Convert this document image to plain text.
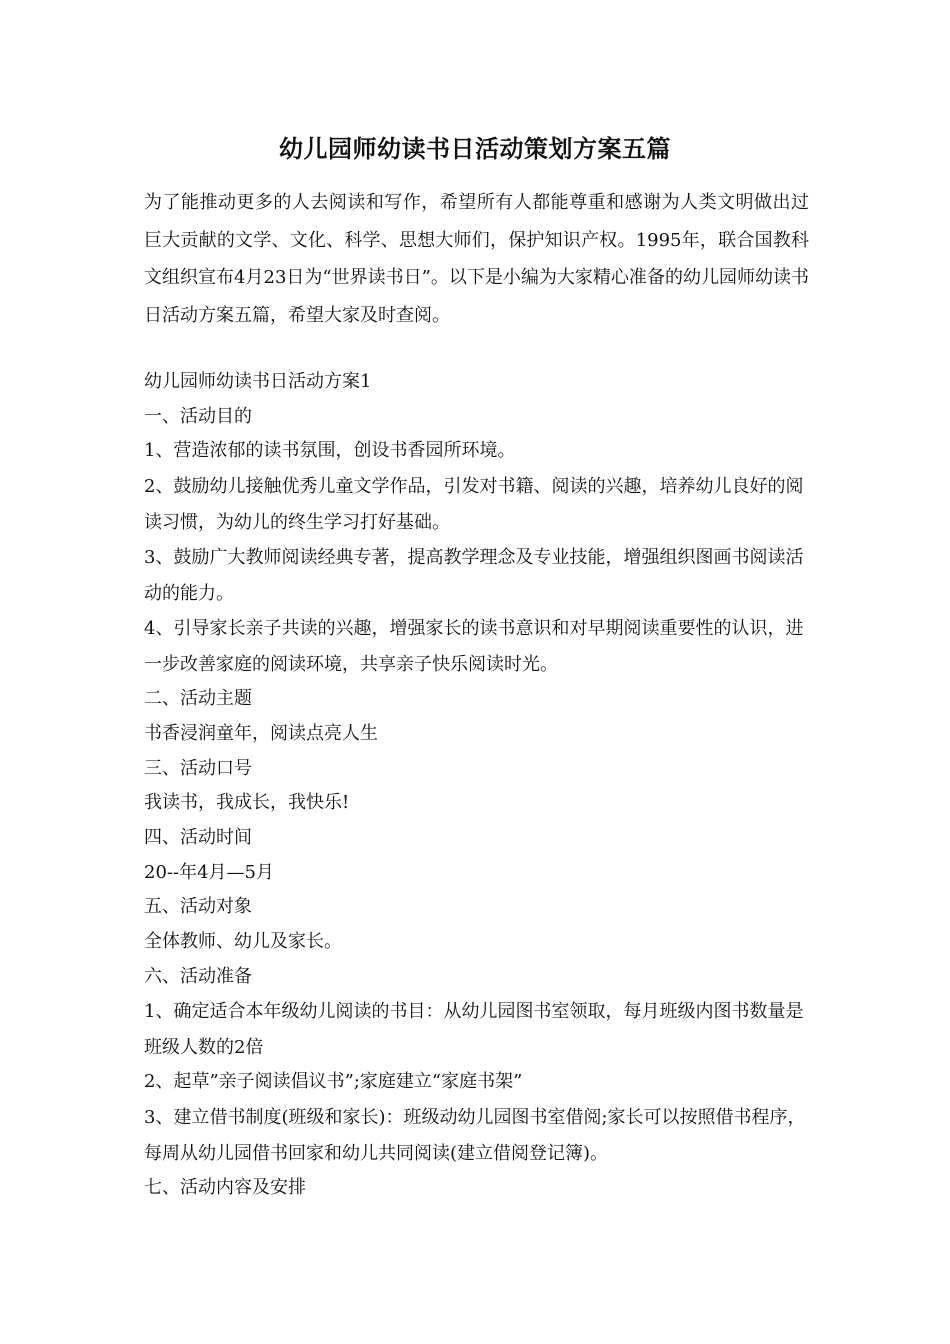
幼儿园师幼读书日活动策划方案五篇

为了能推动更多的人去阅读和写作，希望所有人都能尊重和感谢为人类文明做出过巨大贡献的文学、文化、科学、思想大师们，保护知识产权。1995年，联合国教科文组织宣布4月23日为“世界读书日”。以下是小编为大家精心准备的幼儿园师幼读书日活动方案五篇，希望大家及时查阅。

幼儿园师幼读书日活动方案1

一、活动目的

1、营造浓郁的读书氛围，创设书香园所环境。

2、鼓励幼儿接触优秀儿童文学作品，引发对书籍、阅读的兴趣，培养幼儿良好的阅读习惯，为幼儿的终生学习打好基础。

3、鼓励广大教师阅读经典专著，提高教学理念及专业技能，增强组织图画书阅读活动的能力。

4、引导家长亲子共读的兴趣，增强家长的读书意识和对早期阅读重要性的认识，进一步改善家庭的阅读环境，共享亲子快乐阅读时光。

二、活动主题

书香浸润童年，阅读点亮人生

三、活动口号

我读书，我成长，我快乐!

四、活动时间

20--年4月—5月

五、活动对象

全体教师、幼儿及家长。

六、活动准备

1、确定适合本年级幼儿阅读的书目：从幼儿园图书室领取，每月班级内图书数量是班级人数的2倍

2、起草”亲子阅读倡议书”;家庭建立“家庭书架”

3、建立借书制度(班级和家长)：班级动幼儿园图书室借阅;家长可以按照借书程序，每周从幼儿园借书回家和幼儿共同阅读(建立借阅登记簿)。

七、活动内容及安排
